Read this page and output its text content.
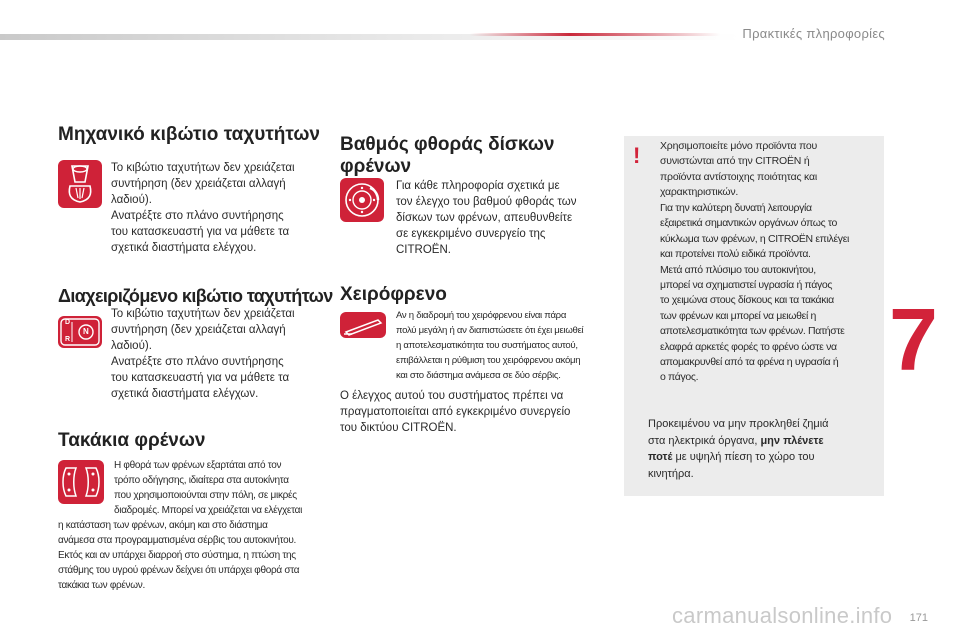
Πρακτικές πληροφορίες
7
Μηχανικό κιβώτιο ταχυτήτων
Το κιβώτιο ταχυτήτων δεν χρειάζεται
συντήρηση (δεν χρειάζεται αλλαγή
λαδιού).
Ανατρέξτε στο πλάνο συντήρησης
του κατασκευαστή για να μάθετε τα
σχετικά διαστήματα ελέγχου.
Διαχειριζόμενο κιβώτιο ταχυτήτων
D
N
R
Το κιβώτιο ταχυτήτων δεν χρειάζεται
συντήρηση (δεν χρειάζεται αλλαγή
λαδιού).
Ανατρέξτε στο πλάνο συντήρησης
του κατασκευαστή για να μάθετε τα
σχετικά διαστήματα ελέγχων.
Τακάκια φρένων
Η φθορά των φρένων εξαρτάται από τον
τρόπο οδήγησης, ιδιαίτερα στα αυτοκίνητα
που χρησιμοποιούνται στην πόλη, σε μικρές
διαδρομές. Μπορεί να χρειάζεται να ελέγχεται
η κατάσταση των φρένων, ακόμη και στο διάστημα
ανάμεσα στα προγραμματισμένα σέρβις του αυτοκινήτου.
Εκτός και αν υπάρχει διαρροή στο σύστημα, η πτώση της
στάθμης του υγρού φρένων δείχνει ότι υπάρχει φθορά στα
τακάκια των φρένων.
Βαθμός φθοράς δίσκων
φρένων
Για κάθε πληροφορία σχετικά με
τον έλεγχο του βαθμού φθοράς των
δίσκων των φρένων, απευθυνθείτε
σε εγκεκριμένο συνεργείο της
CITROËN.
Χειρόφρενο
Αν η διαδρομή του χειρόφρενου είναι πάρα
πολύ μεγάλη ή αν διαπιστώσετε ότι έχει μειωθεί
η αποτελεσματικότητα του συστήματος αυτού,
επιβάλλεται η ρύθμιση του χειρόφρενου ακόμη
και στο διάστημα ανάμεσα σε δύο σέρβις.
Ο έλεγχος αυτού του συστήματος πρέπει να
πραγματοποιείται από εγκεκριμένο συνεργείο
του δικτύου CITROËN.
! Χρησιμοποιείτε μόνο προϊόντα που
συνιστώνται από την CITROËN ή
προϊόντα αντίστοιχης ποιότητας και
χαρακτηριστικών.
Για την καλύτερη δυνατή λειτουργία
εξαιρετικά σημαντικών οργάνων όπως το
κύκλωμα των φρένων, η CITROËN επιλέγει
και προτείνει πολύ ειδικά προϊόντα.
Μετά από πλύσιμο του αυτοκινήτου,
μπορεί να σχηματιστεί υγρασία ή πάγος
το χειμώνα στους δίσκους και τα τακάκια
των φρένων και μπορεί να μειωθεί η
αποτελεσματικότητα των φρένων. Πατήστε
ελαφρά αρκετές φορές το φρένο ώστε να
απομακρυνθεί από τα φρένα η υγρασία ή
ο πάγος.
Προκειμένου να μην προκληθεί ζημιά
στα ηλεκτρικά όργανα, μην πλένετε
ποτέ με υψηλή πίεση το χώρο του
κινητήρα.
carmanualsonline.info 171
